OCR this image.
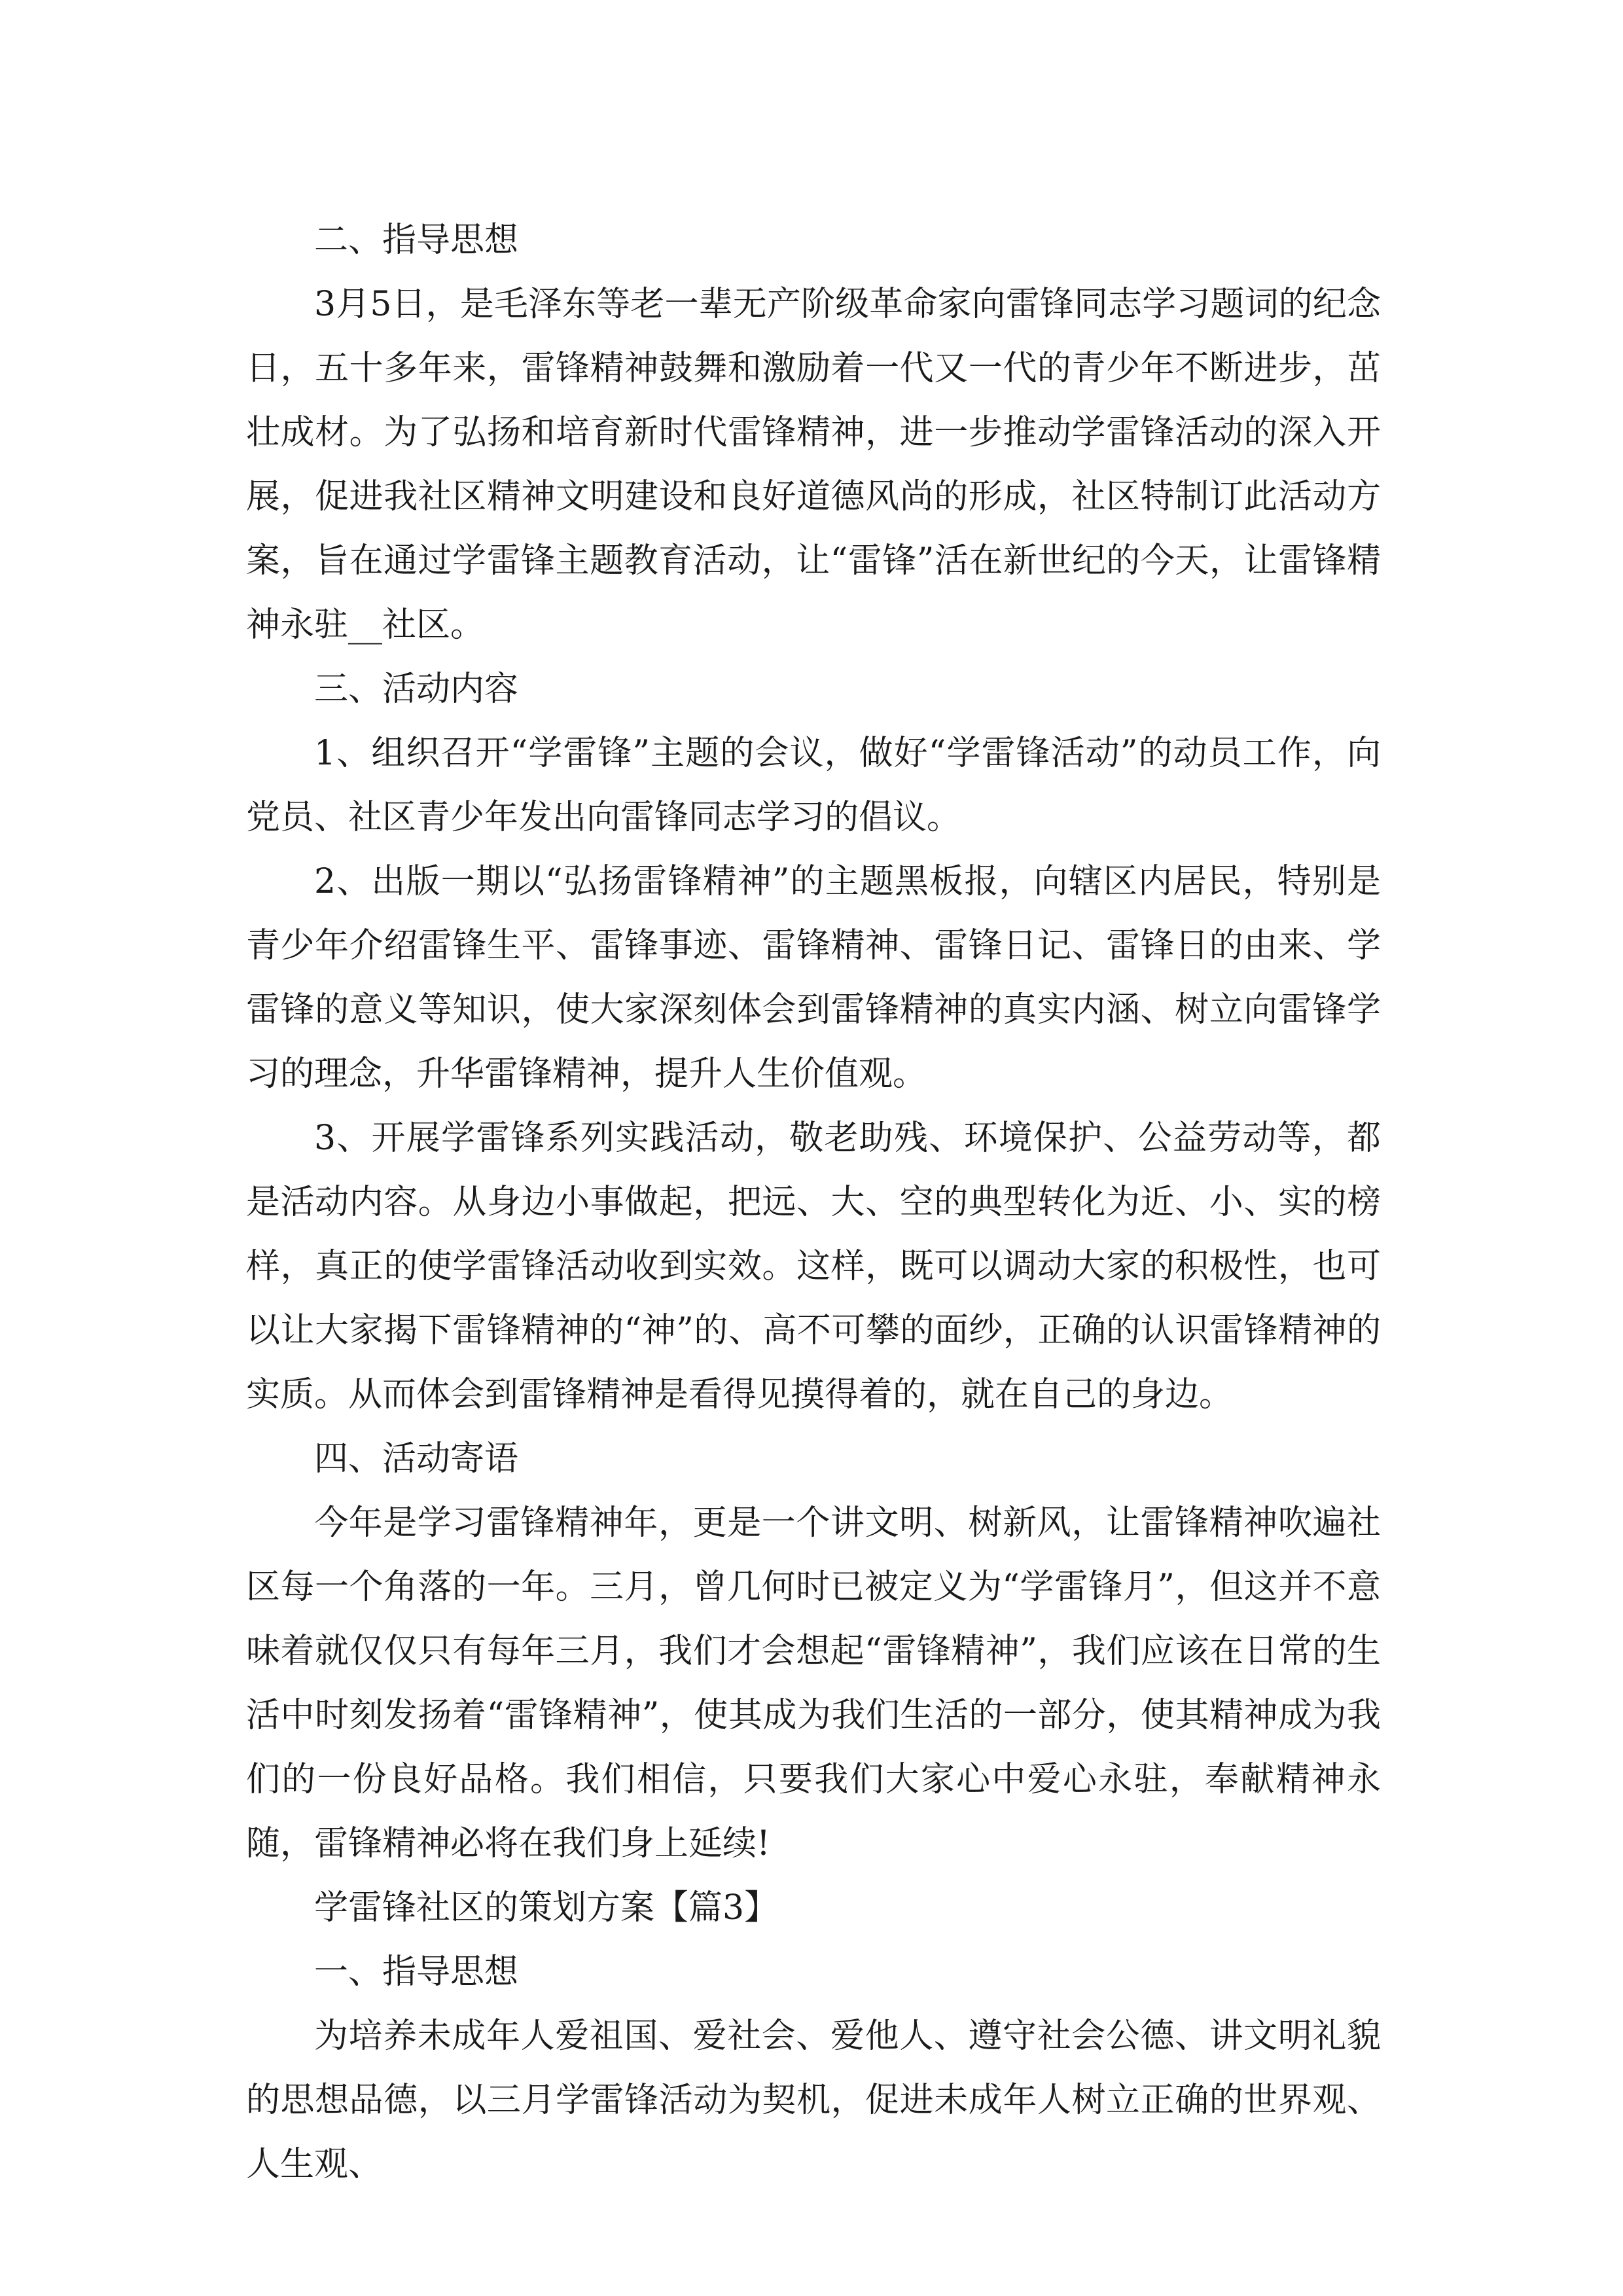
二、指导思想

3月5日，是毛泽东等老一辈无产阶级革命家向雷锋同志学习题词的纪念日，五十多年来，雷锋精神鼓舞和激励着一代又一代的青少年不断进步，茁壮成材。为了弘扬和培育新时代雷锋精神，进一步推动学雷锋活动的深入开展，促进我社区精神文明建设和良好道德风尚的形成，社区特制订此活动方案，旨在通过学雷锋主题教育活动，让“雷锋”活在新世纪的今天，让雷锋精神永驻__社区。

三、活动内容

1、组织召开“学雷锋”主题的会议，做好“学雷锋活动”的动员工作，向党员、社区青少年发出向雷锋同志学习的倡议。

2、出版一期以“弘扬雷锋精神”的主题黑板报，向辖区内居民，特别是青少年介绍雷锋生平、雷锋事迹、雷锋精神、雷锋日记、雷锋日的由来、学雷锋的意义等知识，使大家深刻体会到雷锋精神的真实内涵、树立向雷锋学习的理念，升华雷锋精神，提升人生价值观。

3、开展学雷锋系列实践活动，敬老助残、环境保护、公益劳动等，都是活动内容。从身边小事做起，把远、大、空的典型转化为近、小、实的榜样，真正的使学雷锋活动收到实效。这样，既可以调动大家的积极性，也可以让大家揭下雷锋精神的“神”的、高不可攀的面纱，正确的认识雷锋精神的实质。从而体会到雷锋精神是看得见摸得着的，就在自己的身边。

四、活动寄语

今年是学习雷锋精神年，更是一个讲文明、树新风，让雷锋精神吹遍社区每一个角落的一年。三月，曾几何时已被定义为“学雷锋月”，但这并不意味着就仅仅只有每年三月，我们才会想起“雷锋精神”，我们应该在日常的生活中时刻发扬着“雷锋精神”，使其成为我们生活的一部分，使其精神成为我们的一份良好品格。我们相信，只要我们大家心中爱心永驻，奉献精神永随，雷锋精神必将在我们身上延续!

学雷锋社区的策划方案【篇3】

一、指导思想

为培养未成年人爱祖国、爱社会、爱他人、遵守社会公德、讲文明礼貌的思想品德，以三月学雷锋活动为契机，促进未成年人树立正确的世界观、人生观、
